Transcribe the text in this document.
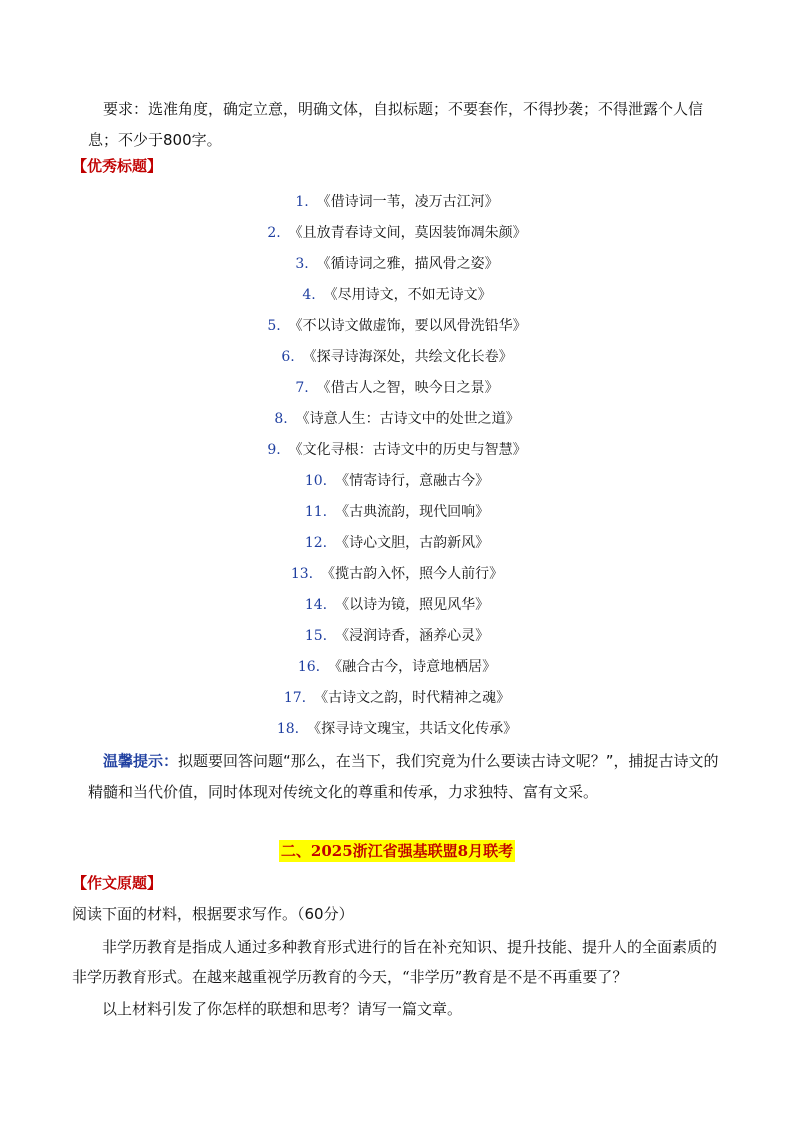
要求：选准角度，确定立意，明确文体，自拟标题；不要套作，不得抄袭；不得泄露个人信息；不少于800字。

【优秀标题】

1. 《借诗词一苇，凌万古江河》
2. 《且放青春诗文间，莫因装饰凋朱颜》
3. 《循诗词之雅，描风骨之姿》
4. 《尽用诗文，不如无诗文》
5. 《不以诗文做虚饰，要以风骨洗铅华》
6. 《探寻诗海深处，共绘文化长卷》
7. 《借古人之智，映今日之景》
8. 《诗意人生：古诗文中的处世之道》
9. 《文化寻根：古诗文中的历史与智慧》
10. 《情寄诗行，意融古今》
11. 《古典流韵，现代回响》
12. 《诗心文胆，古韵新风》
13. 《揽古韵入怀，照今人前行》
14. 《以诗为镜，照见风华》
15. 《浸润诗香，涵养心灵》
16. 《融合古今，诗意地栖居》
17. 《古诗文之韵，时代精神之魂》
18. 《探寻诗文瑰宝，共话文化传承》

温馨提示：拟题要回答问题“那么，在当下，我们究竟为什么要读古诗文呢？”，捕捉古诗文的精髓和当代价值，同时体现对传统文化的尊重和传承，力求独特、富有文采。

二、2025浙江省强基联盟8月联考

【作文原题】

阅读下面的材料，根据要求写作。（60分）

非学历教育是指成人通过多种教育形式进行的旨在补充知识、提升技能、提升人的全面素质的非学历教育形式。在越来越重视学历教育的今天，“非学历”教育是不是不再重要了？

以上材料引发了你怎样的联想和思考？请写一篇文章。
